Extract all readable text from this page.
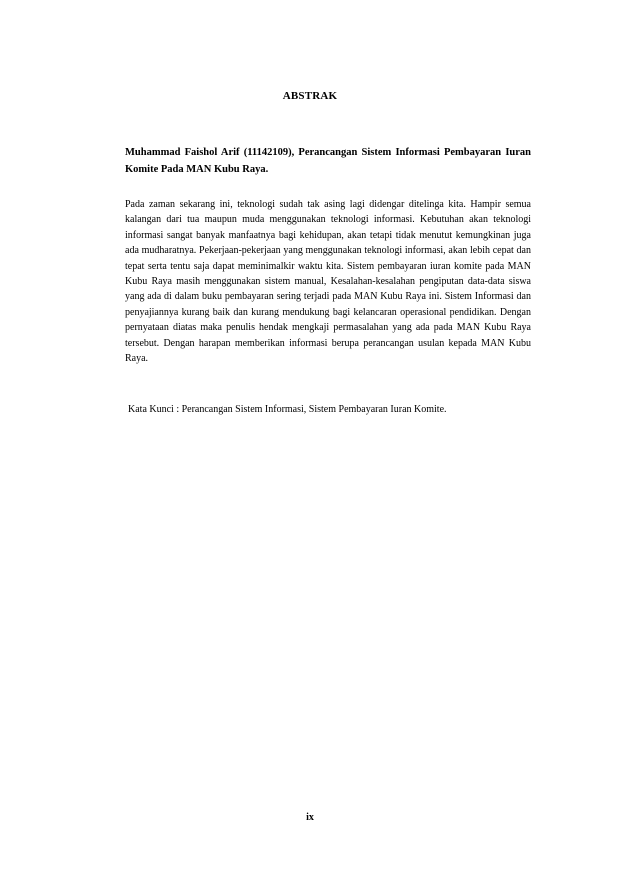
ABSTRAK
Muhammad Faishol Arif (11142109), Perancangan Sistem Informasi Pembayaran Iuran Komite Pada MAN Kubu Raya.
Pada zaman sekarang ini, teknologi sudah tak asing lagi didengar ditelinga kita. Hampir semua kalangan dari tua maupun muda menggunakan teknologi informasi. Kebutuhan akan teknologi informasi sangat banyak manfaatnya bagi kehidupan, akan tetapi tidak menutut kemungkinan juga ada mudharatnya. Pekerjaan-pekerjaan yang menggunakan teknologi informasi, akan lebih cepat dan tepat serta tentu saja dapat meminimalkir waktu kita. Sistem pembayaran iuran komite pada MAN Kubu Raya masih menggunakan sistem manual, Kesalahan-kesalahan pengiputan data-data siswa yang ada di dalam buku pembayaran sering terjadi pada MAN Kubu Raya ini. Sistem Informasi dan penyajiannya kurang baik dan kurang mendukung bagi kelancaran operasional pendidikan. Dengan pernyataan diatas maka penulis hendak mengkaji permasalahan yang ada pada MAN Kubu Raya tersebut. Dengan harapan memberikan informasi berupa perancangan usulan kepada MAN Kubu Raya.
Kata Kunci : Perancangan Sistem Informasi, Sistem Pembayaran Iuran Komite.
ix
